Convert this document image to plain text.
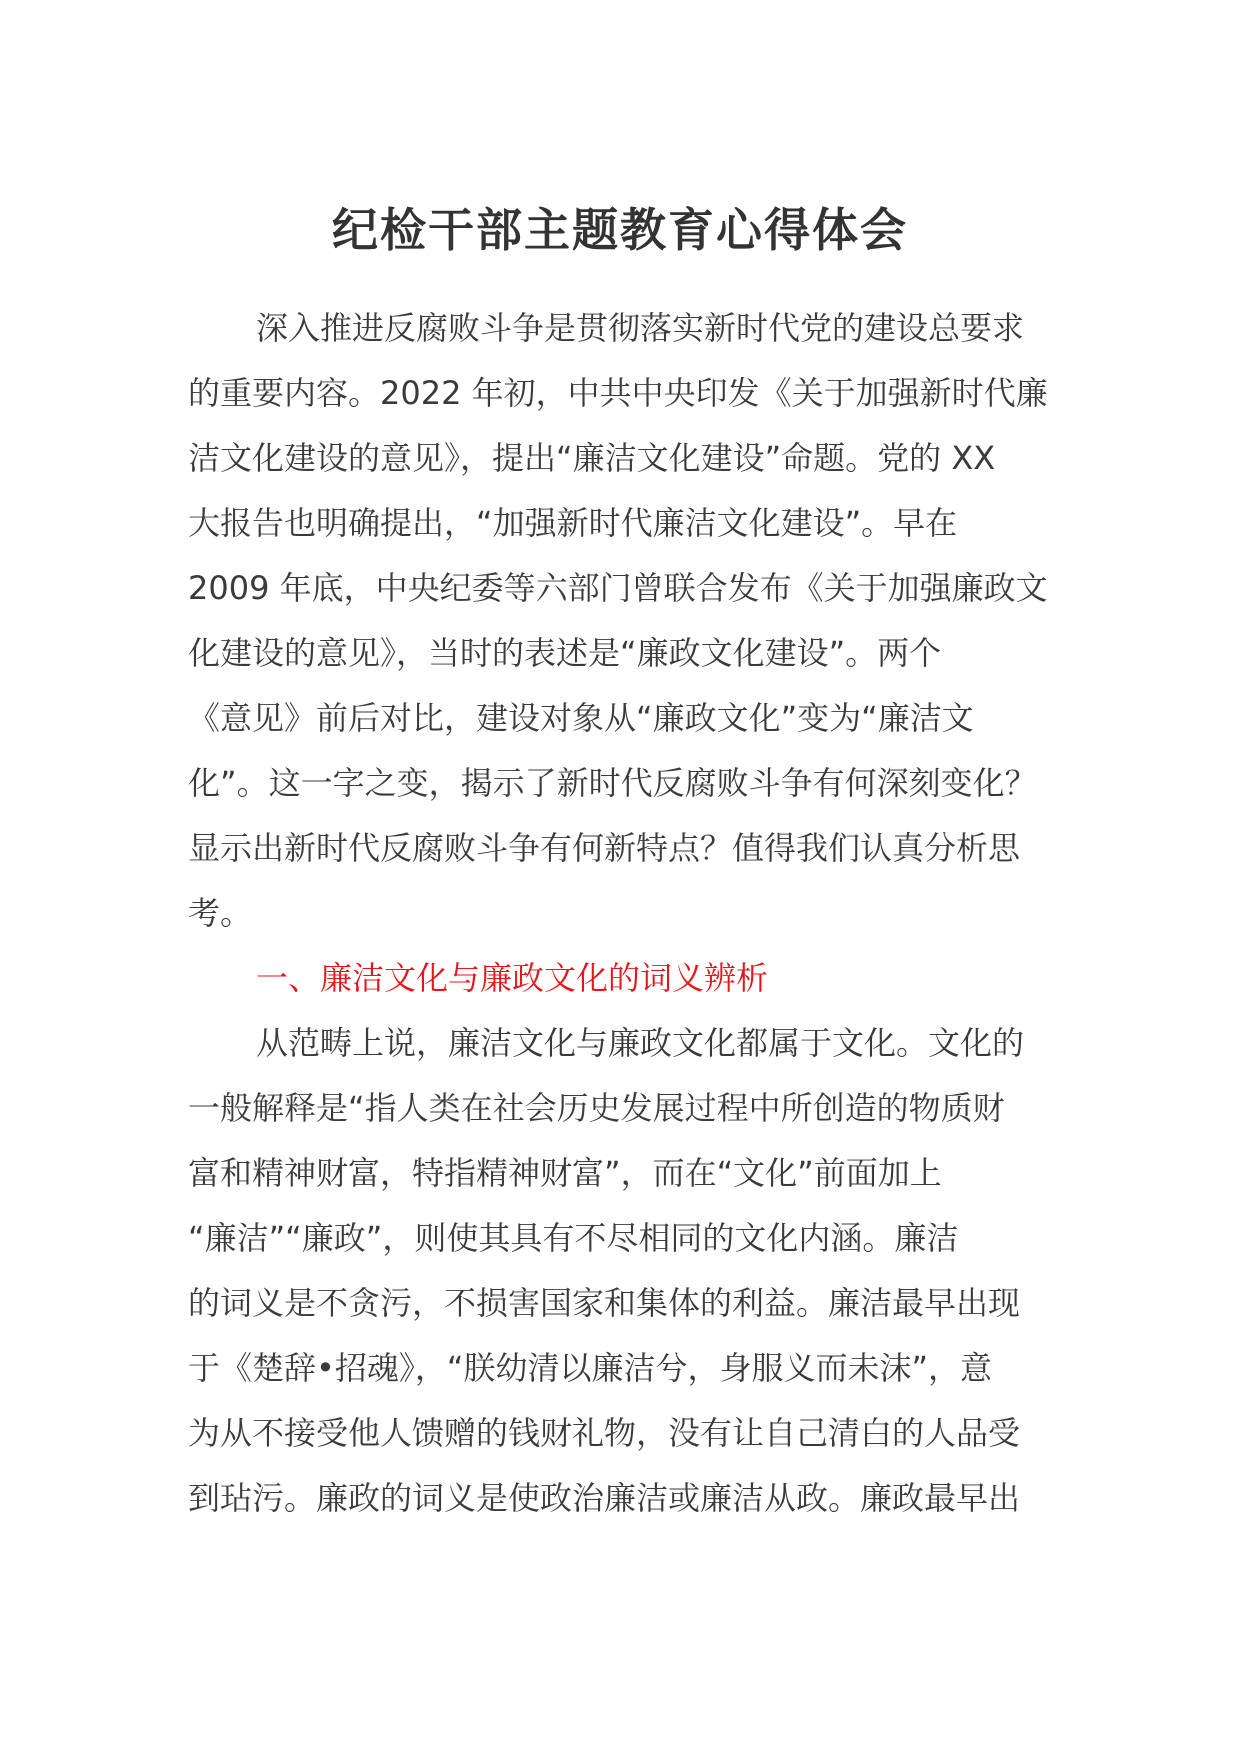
纪检干部主题教育心得体会
深入推进反腐败斗争是贯彻落实新时代党的建设总要求
的重要内容。2022 年初，中共中央印发《关于加强新时代廉
洁文化建设的意见》，提出“廉洁文化建设”命题。党的 XX
大报告也明确提出，“加强新时代廉洁文化建设”。早在
2009 年底，中央纪委等六部门曾联合发布《关于加强廉政文
化建设的意见》，当时的表述是“廉政文化建设”。两个
《意见》前后对比，建设对象从“廉政文化”变为“廉洁文
化”。这一字之变，揭示了新时代反腐败斗争有何深刻变化？
显示出新时代反腐败斗争有何新特点？值得我们认真分析思
考。
一、廉洁文化与廉政文化的词义辨析
从范畴上说，廉洁文化与廉政文化都属于文化。文化的
一般解释是“指人类在社会历史发展过程中所创造的物质财
富和精神财富，特指精神财富”，而在“文化”前面加上
“廉洁”“廉政”，则使其具有不尽相同的文化内涵。廉洁
的词义是不贪污，不损害国家和集体的利益。廉洁最早出现
于《楚辞•招魂》，“朕幼清以廉洁兮，身服义而未沫”，意
为从不接受他人馈赠的钱财礼物，没有让自己清白的人品受
到玷污。廉政的词义是使政治廉洁或廉洁从政。廉政最早出
